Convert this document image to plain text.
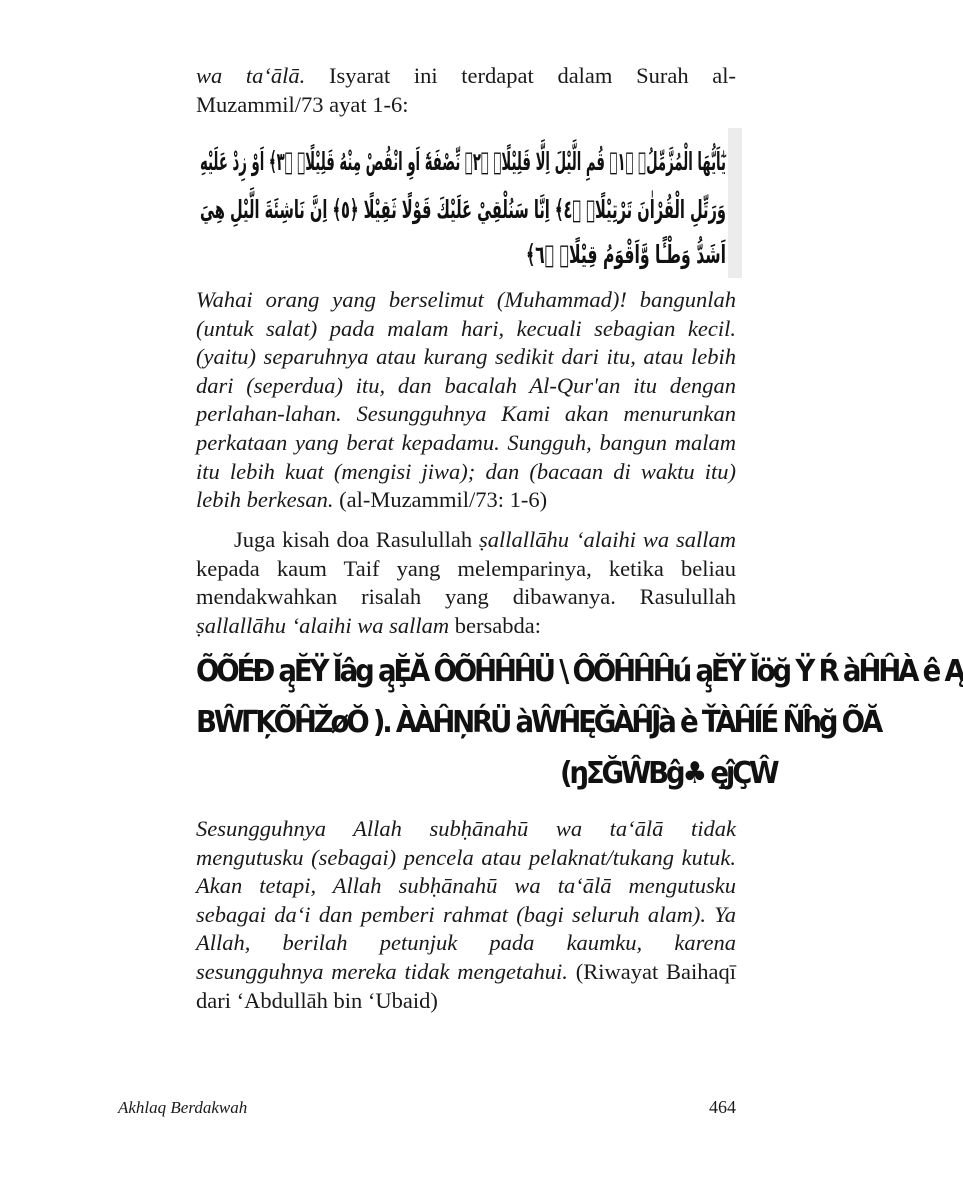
wa ta‘ālā. Isyarat ini terdapat dalam Surah al-Muzammil/73 ayat 1-6:

يٰٓاَيُّهَا الْمُزَّمِّلُۙ ﴿١﴾ قُمِ الَّيْلَ اِلَّا قَلِيْلًاۙ ﴿٢﴾ نِّصْفَهٗٓ اَوِ انْقُصْ مِنْهُ قَلِيْلًاۙ ﴿٣﴾ اَوْ زِدْ عَلَيْهِ
وَرَتِّلِ الْقُرْاٰنَ تَرْتِيْلًاۗ ﴿٤﴾ اِنَّا سَنُلْقِيْ عَلَيْكَ قَوْلًا ثَقِيْلًا ﴿٥﴾ اِنَّ نَاشِئَةَ الَّيْلِ هِيَ
اَشَدُّ وَطْـًٔا وَّاَقْوَمُ قِيْلًاۗ ﴿٦﴾

Wahai orang yang berselimut (Muhammad)! bangunlah (untuk salat) pada malam hari, kecuali sebagian kecil. (yaitu) separuhnya atau kurang sedikit dari itu, atau lebih dari (seperdua) itu, dan bacalah Al-Qur'an itu dengan perlahan-lahan. Sesungguhnya Kami akan menurunkan perkataan yang berat kepadamu. Sungguh, bangun malam itu lebih kuat (mengisi jiwa); dan (bacaan di waktu itu) lebih berkesan. (al-Muzammil/73: 1-6)

Juga kisah doa Rasulullah ṣallallāhu ‘alaihi wa sallam kepada kaum Taif yang melemparinya, ketika beliau mendakwahkan risalah yang dibawanya. Rasulullah ṣallallāhu ‘alaihi wa sallam bersabda:

ÕÕÉÐ ą̧ĔŸ Ĭâg ą̧ḜĂ ÔÕĤĤĤÜ \ ÔÕĤĤĤú ą̧ĔŸ Ĭöğ Ÿ Ŕ àĤĤÀ ê Ą
ВŴГĶÕĤŽøŎ ). ÀÀĤŅŔÜ àŴĤĘĞÀĤĴà è ŤÀĤÍÉ Ñĥğ ÕĂ
(ŋΣĞŴΒĝ♣ ę̧ĵÇŴ

Sesungguhnya Allah subḥānahū wa ta‘ālā tidak mengutusku (sebagai) pencela atau pelaknat/tukang kutuk. Akan tetapi, Allah subḥānahū wa ta‘ālā mengutusku sebagai da‘i dan pemberi rahmat (bagi seluruh alam). Ya Allah, berilah petunjuk pada kaumku, karena sesungguhnya mereka tidak mengetahui. (Riwayat Baihaqī dari ‘Abdullāh bin ‘Ubaid)

Akhlaq Berdakwah	464
